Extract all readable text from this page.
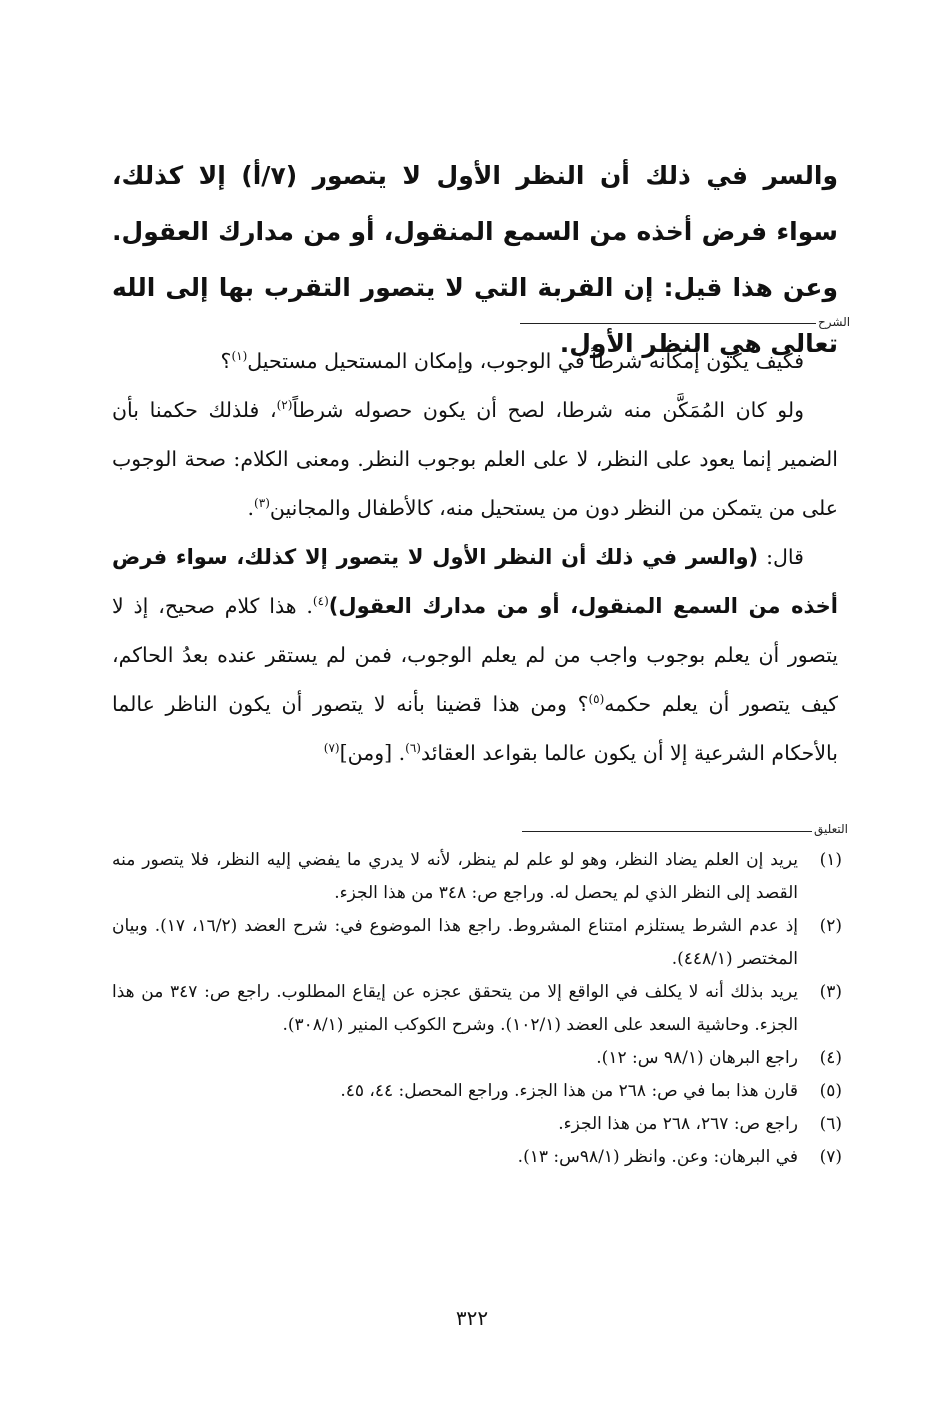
والسر في ذلك أن النظر الأول لا يتصور (٧/أ) إلا كذلك، سواء فرض أخذه من السمع المنقول، أو من مدارك العقول. وعن هذا قيل: إن القربة التي لا يتصور التقرب بها إلى الله تعالى هي النظر الأول.

الشرح

فكيف يكون إمكانه شرطاً في الوجوب، وإمكان المستحيل مستحيل$^{(١)}$؟

ولو كان المُمَكَّن منه شرطا، لصح أن يكون حصوله شرطاً$^{(٢)}$، فلذلك حكمنا بأن الضمير إنما يعود على النظر، لا على العلم بوجوب النظر. ومعنى الكلام: صحة الوجوب على من يتمكن من النظر دون من يستحيل منه، كالأطفال والمجانين$^{(٣)}$.

قال: (والسر في ذلك أن النظر الأول لا يتصور إلا كذلك، سواء فرض أخذه من السمع المنقول، أو من مدارك العقول)$^{(٤)}$. هذا كلام صحيح، إذ لا يتصور أن يعلم بوجوب واجب من لم يعلم الوجوب، فمن لم يستقر عنده بعدُ الحاكم، كيف يتصور أن يعلم حكمه$^{(٥)}$؟ ومن هذا قضينا بأنه لا يتصور أن يكون الناظر عالما بالأحكام الشرعية إلا أن يكون عالما بقواعد العقائد$^{(٦)}$. [ومن]$^{(٧)}$

التعليق
(١)
يريد إن العلم يضاد النظر، وهو لو علم لم ينظر، لأنه لا يدري ما يفضي إليه النظر، فلا يتصور منه القصد إلى النظر الذي لم يحصل له. وراجع ص: ٣٤٨ من هذا الجزء.
(٢)
إذ عدم الشرط يستلزم امتناع المشروط. راجع هذا الموضوع في: شرح العضد (١٦/٢، ١٧). وبيان المختصر (٤٤٨/١).
(٣)
يريد بذلك أنه لا يكلف في الواقع إلا من يتحقق عجزه عن إيقاع المطلوب. راجع ص: ٣٤٧ من هذا الجزء. وحاشية السعد على العضد (١٠٢/١). وشرح الكوكب المنير (٣٠٨/١).
(٤)
راجع البرهان (٩٨/١ س: ١٢).
(٥)
قارن هذا بما في ص: ٢٦٨ من هذا الجزء. وراجع المحصل: ٤٤، ٤٥.
(٦)
راجع ص: ٢٦٧، ٢٦٨ من هذا الجزء.
(٧)
في البرهان: وعن. وانظر (٩٨/١س: ١٣).
٣٢٢
